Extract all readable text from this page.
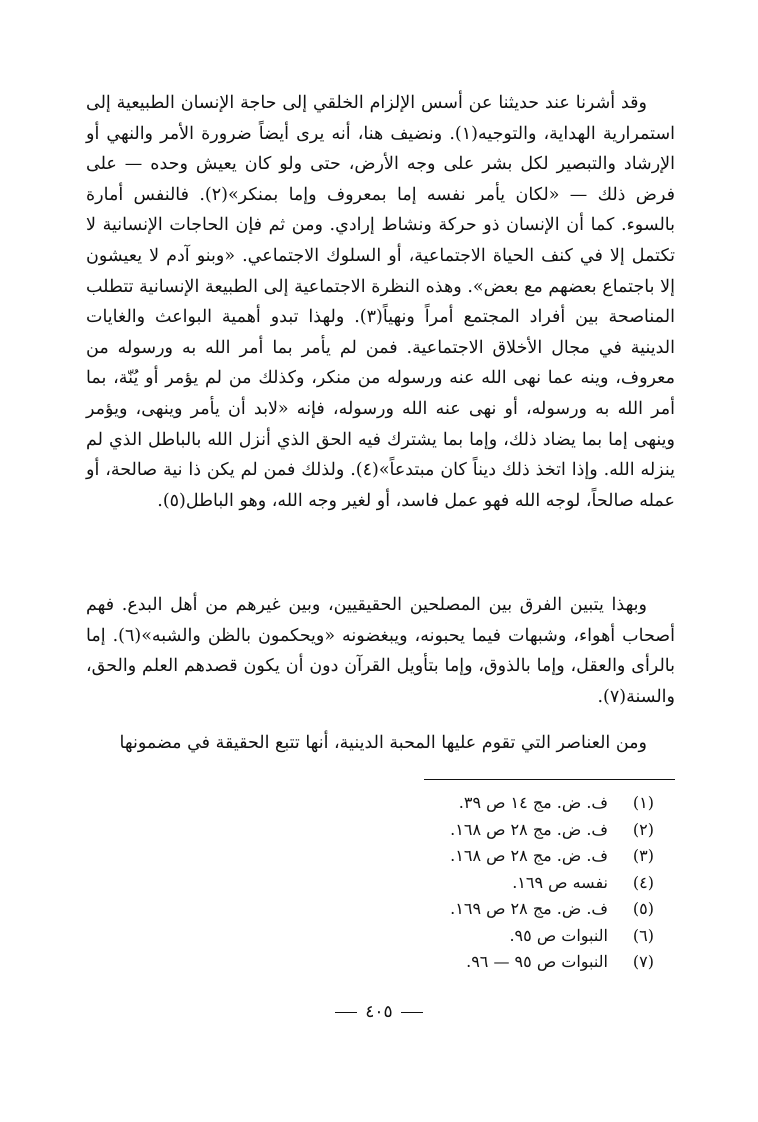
وقد أشرنا عند حديثنا عن أسس الإلزام الخلقي إلى حاجة الإنسان الطبيعية إلى استمرارية الهداية، والتوجيه(١). ونضيف هنا، أنه يرى أيضاً ضرورة الأمر والنهي أو الإرشاد والتبصير لكل بشر على وجه الأرض، حتى ولو كان يعيش وحده — على فرض ذلك — «لكان يأمر نفسه إما بمعروف وإما بمنكر»(٢). فالنفس أمارة بالسوء. كما أن الإنسان ذو حركة ونشاط إرادي. ومن ثم فإن الحاجات الإنسانية لا تكتمل إلا في كنف الحياة الاجتماعية، أو السلوك الاجتماعي. «وبنو آدم لا يعيشون إلا باجتماع بعضهم مع بعض». وهذه النظرة الاجتماعية إلى الطبيعة الإنسانية تتطلب المناصحة بين أفراد المجتمع أمراً ونهياً(٣). ولهذا تبدو أهمية البواعث والغايات الدينية في مجال الأخلاق الاجتماعية. فمن لم يأمر بما أمر الله به ورسوله من معروف، وينه عما نهى الله عنه ورسوله من منكر، وكذلك من لم يؤمر أو يُنّة، بما أمر الله به ورسوله، أو نهى عنه الله ورسوله، فإنه «لابد أن يأمر وينهى، ويؤمر وينهى إما بما يضاد ذلك، وإما بما يشترك فيه الحق الذي أنزل الله بالباطل الذي لم ينزله الله. وإذا اتخذ ذلك ديناً كان مبتدعاً»(٤). ولذلك فمن لم يكن ذا نية صالحة، أو عمله صالحاً، لوجه الله فهو عمل فاسد، أو لغير وجه الله، وهو الباطل(٥).

وبهذا يتبين الفرق بين المصلحين الحقيقيين، وبين غيرهم من أهل البدع. فهم أصحاب أهواء، وشبهات فيما يحبونه، ويبغضونه «ويحكمون بالظن والشبه»(٦). إما بالرأى والعقل، وإما بالذوق، وإما بتأويل القرآن دون أن يكون قصدهم العلم والحق، والسنة(٧).

ومن العناصر التي تقوم عليها المحبة الدينية، أنها تتبع الحقيقة في مضمونها

(١)
ف. ض. مج ١٤ ص ٣٩.
(٢)
ف. ض. مج ٢٨ ص ١٦٨.
(٣)
ف. ض. مج ٢٨ ص ١٦٨.
(٤)
نفسه ص ١٦٩.
(٥)
ف. ض. مج ٢٨ ص ١٦٩.
(٦)
النبوات ص ٩٥.
(٧)
النبوات ص ٩٥ — ٩٦.
٤٠٥
